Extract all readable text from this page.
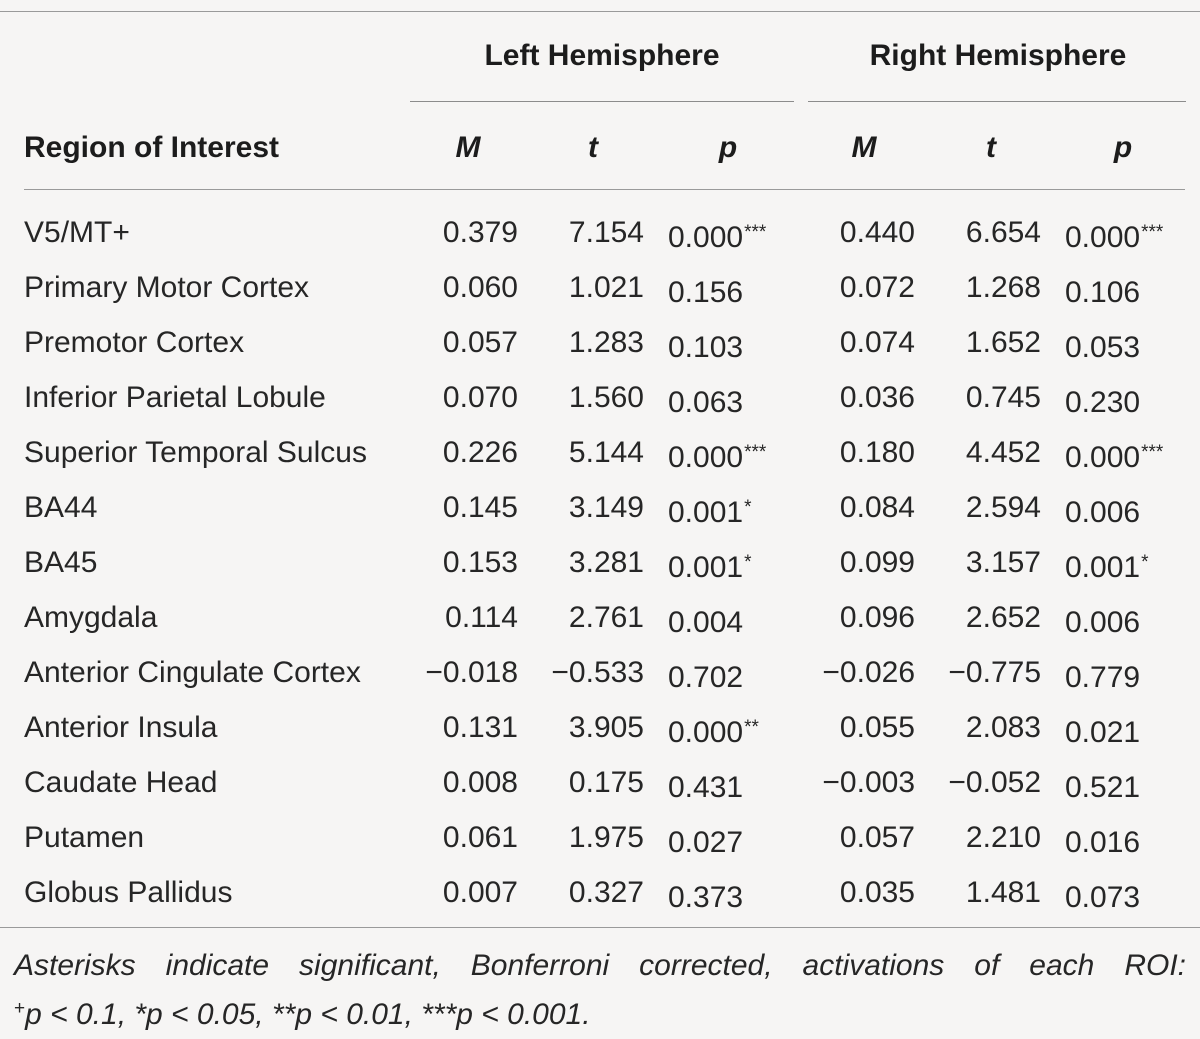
Left Hemisphere	Right Hemisphere
Region of Interest	M	t	p	M	t	p
V5/MT+	0.379	7.154 0.000***	0.440	6.654 0.000***
Primary Motor Cortex	0.060	1.021 0.156	0.072	1.268 0.106
Premotor Cortex	0.057	1.283 0.103	0.074	1.652 0.053
Inferior Parietal Lobule	0.070	1.560 0.063	0.036	0.745 0.230
Superior Temporal Sulcus	0.226	5.144 0.000***	0.180	4.452 0.000***
BA44	0.145	3.149 0.001*	0.084	2.594 0.006
BA45	0.153	3.281 0.001*	0.099	3.157 0.001*
Amygdala	0.114	2.761 0.004	0.096	2.652 0.006
Anterior Cingulate Cortex	−0.018	−0.533 0.702	−0.026	−0.775 0.779
Anterior Insula	0.131	3.905 0.000**	0.055	2.083 0.021
Caudate Head	0.008	0.175 0.431	−0.003	−0.052 0.521
Putamen	0.061	1.975 0.027	0.057	2.210 0.016
Globus Pallidus	0.007	0.327 0.373	0.035	1.481 0.073
Asterisks indicate significant, Bonferroni corrected, activations of each ROI:
+p < 0.1, *p < 0.05, **p < 0.01, ***p < 0.001.
